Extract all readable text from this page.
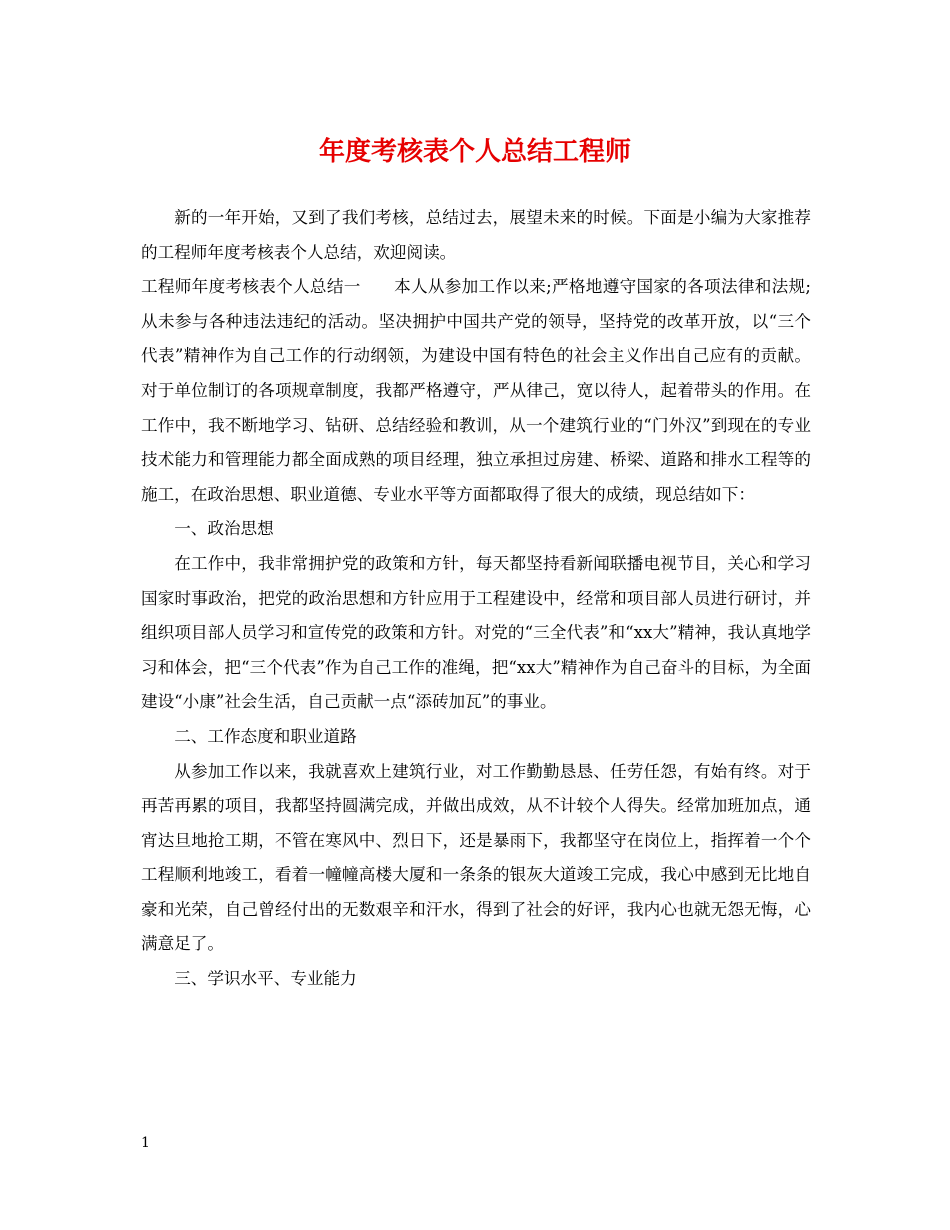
年度考核表个人总结工程师

新的一年开始，又到了我们考核，总结过去，展望未来的时候。下面是小编为大家推荐的工程师年度考核表个人总结，欢迎阅读。

工程师年度考核表个人总结一 本人从参加工作以来;严格地遵守国家的各项法律和法规;从未参与各种违法违纪的活动。坚决拥护中国共产党的领导，坚持党的改革开放，以“三个代表”精神作为自己工作的行动纲领，为建设中国有特色的社会主义作出自己应有的贡献。对于单位制订的各项规章制度，我都严格遵守，严从律己，宽以待人，起着带头的作用。在工作中，我不断地学习、钻研、总结经验和教训，从一个建筑行业的“门外汉”到现在的专业技术能力和管理能力都全面成熟的项目经理，独立承担过房建、桥梁、道路和排水工程等的施工，在政治思想、职业道德、专业水平等方面都取得了很大的成绩，现总结如下：

一、政治思想

在工作中，我非常拥护党的政策和方针，每天都坚持看新闻联播电视节目，关心和学习国家时事政治，把党的政治思想和方针应用于工程建设中，经常和项目部人员进行研讨，并组织项目部人员学习和宣传党的政策和方针。对党的“三全代表”和“xx大”精神，我认真地学习和体会，把“三个代表”作为自己工作的准绳，把“xx大”精神作为自己奋斗的目标，为全面建设“小康”社会生活，自己贡献一点“添砖加瓦”的事业。

二、工作态度和职业道路

从参加工作以来，我就喜欢上建筑行业，对工作勤勤恳恳、任劳任怨，有始有终。对于再苦再累的项目，我都坚持圆满完成，并做出成效，从不计较个人得失。经常加班加点，通宵达旦地抢工期，不管在寒风中、烈日下，还是暴雨下，我都坚守在岗位上，指挥着一个个工程顺利地竣工，看着一幢幢高楼大厦和一条条的银灰大道竣工完成，我心中感到无比地自豪和光荣，自己曾经付出的无数艰辛和汗水，得到了社会的好评，我内心也就无怨无悔，心满意足了。

三、学识水平、专业能力

1
